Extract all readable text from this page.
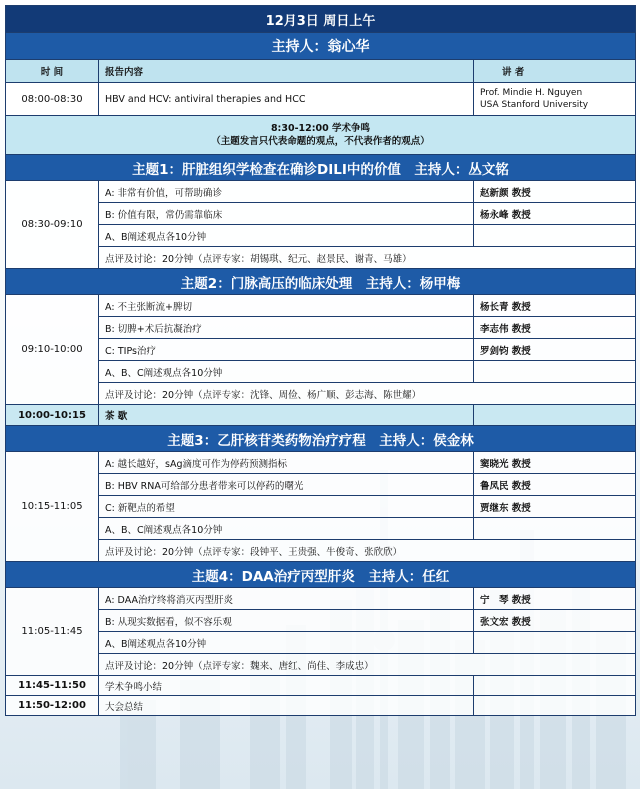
12月3日 周日上午		
主持人：翁心华		
时 间	报告内容	讲 者
08:00-08:30	HBV and HCV: antiviral therapies and HCC	Prof. Mindie H. Nguyen
USA Stanford University

8:30-12:00 学术争鸣
（主题发言只代表命题的观点，不代表作者的观点）		

主题1：肝脏组织学检查在确诊DILI中的价值　主持人：丛文铭		
08:30-09:10	A: 非常有价值，可帮助确诊	赵新颜 教授
	B: 价值有限，常仍需靠临床	杨永峰 教授
	A、B阐述观点各10分钟	
	点评及讨论：20分钟（点评专家：胡锡琪、纪元、赵景民、谢青、马雄）	
主题2：门脉高压的临床处理　主持人：杨甲梅		
09:10-10:00	A: 不主张断流+脾切	杨长青 教授
	B: 切脾+术后抗凝治疗	李志伟 教授
	C: TIPs治疗	罗剑钧 教授
	A、B、C阐述观点各10分钟	
	点评及讨论：20分钟（点评专家：沈锋、周俭、杨广顺、彭志海、陈世耀）	
10:00-10:15	茶 歇	
主题3：乙肝核苷类药物治疗疗程　主持人：侯金林		
10:15-11:05	A: 越长越好，sAg滴度可作为停药预测指标	窦晓光 教授
	B: HBV RNA可给部分患者带来可以停药的曙光	鲁凤民 教授
	C: 新靶点的希望	贾继东 教授
	A、B、C阐述观点各10分钟	
	点评及讨论：20分钟（点评专家：段钟平、王贵强、牛俊奇、张欣欣）	
主题4：DAA治疗丙型肝炎　主持人：任红		
11:05-11:45	A: DAA治疗终将消灭丙型肝炎	宁　琴 教授
	B: 从现实数据看，似不容乐观	张文宏 教授
	A、B阐述观点各10分钟	
	点评及讨论：20分钟（点评专家：魏来、唐红、尚佳、李成忠）	
11:45-11:50	学术争鸣小结	
11:50-12:00	大会总结	
